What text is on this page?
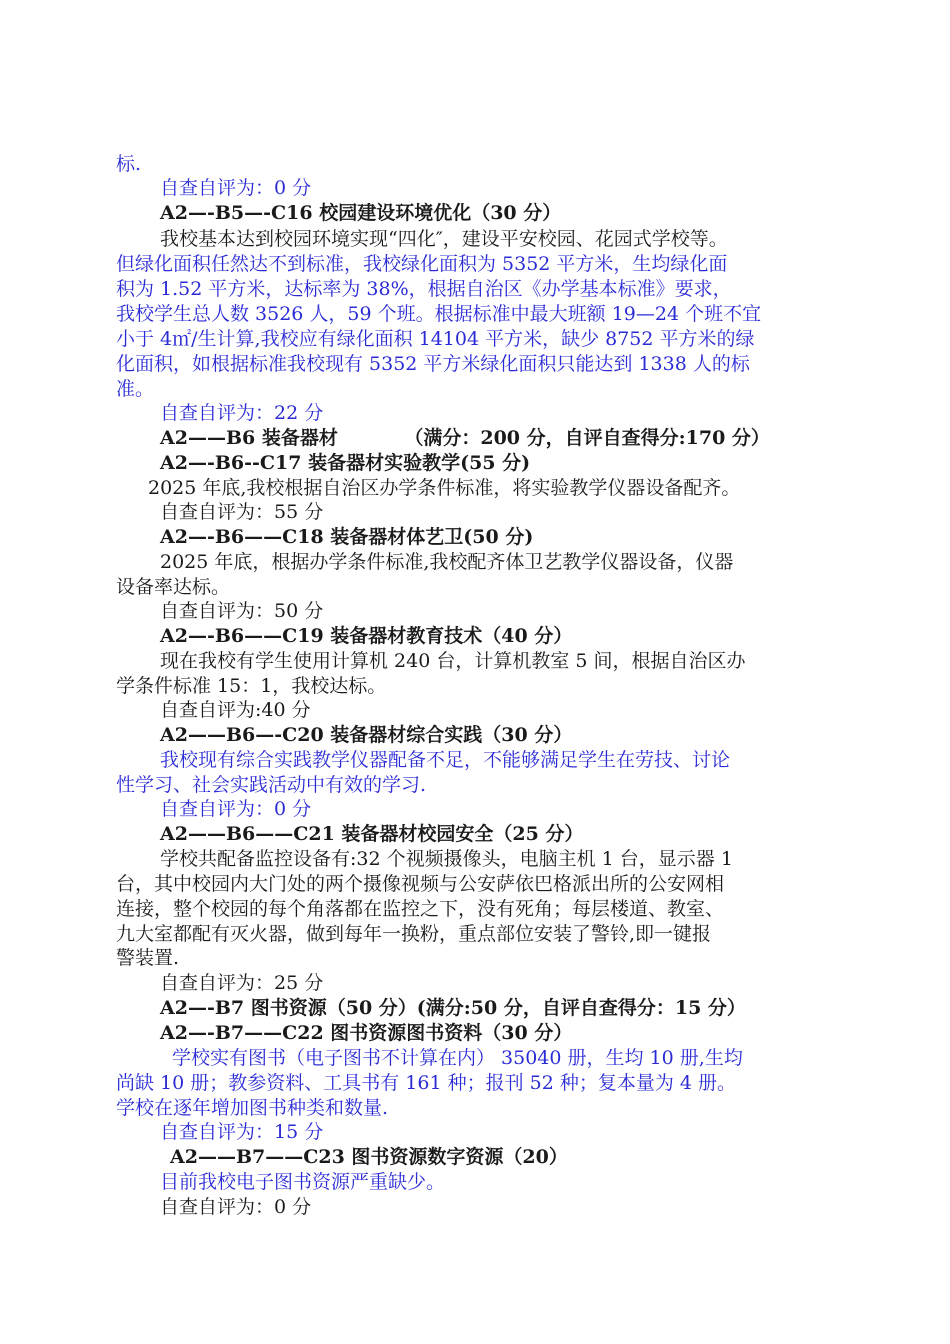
标.

自查自评为：0 分

A2—-B5—-C16 校园建设环境优化（30 分）

我校基本达到校园环境实现“四化″，建设平安校园、花园式学校等。

但绿化面积任然达不到标准，我校绿化面积为 5352 平方米，生均绿化面

积为 1.52 平方米，达标率为 38%，根据自治区《办学基本标准》要求，

我校学生总人数 3526 人，59 个班。根据标准中最大班额 19—24 个班不宜

小于 4㎡/生计算,我校应有绿化面积 14104 平方米，缺少 8752 平方米的绿

化面积，如根据标准我校现有 5352 平方米绿化面积只能达到 1338 人的标

准。

自查自评为：22 分

A2——B6 装备器材　　　　（满分：200 分，自评自查得分:170 分）

A2—-B6--C17 装备器材实验教学(55 分)

2025 年底,我校根据自治区办学条件标准，将实验教学仪器设备配齐。

自查自评为：55 分

A2—-B6——C18 装备器材体艺卫(50 分)

2025 年底，根据办学条件标准,我校配齐体卫艺教学仪器设备，仪器

设备率达标。

自查自评为：50 分

A2—-B6——C19 装备器材教育技术（40 分）

现在我校有学生使用计算机 240 台，计算机教室 5 间，根据自治区办

学条件标准 15：1，我校达标。

自查自评为:40 分

A2——B6—-C20 装备器材综合实践（30 分）

我校现有综合实践教学仪器配备不足，不能够满足学生在劳技、讨论

性学习、社会实践活动中有效的学习.

自查自评为：0 分

A2——B6——C21 装备器材校园安全（25 分）

学校共配备监控设备有:32 个视频摄像头，电脑主机 1 台，显示器 1

台，其中校园内大门处的两个摄像视频与公安萨依巴格派出所的公安网相

连接，整个校园的每个角落都在监控之下，没有死角；每层楼道、教室、

九大室都配有灭火器，做到每年一换粉，重点部位安装了警铃,即一键报

警装置.

自查自评为：25 分

A2—-B7 图书资源（50 分）(满分:50 分，自评自查得分：15 分）

A2—-B7——C22 图书资源图书资料（30 分）

学校实有图书（电子图书不计算在内） 35040 册，生均 10 册,生均

尚缺 10 册；教参资料、工具书有 161 种；报刊 52 种；复本量为 4 册。

学校在逐年增加图书种类和数量.

自查自评为：15 分

A2——B7——C23 图书资源数字资源（20）

目前我校电子图书资源严重缺少。

自查自评为：0 分
